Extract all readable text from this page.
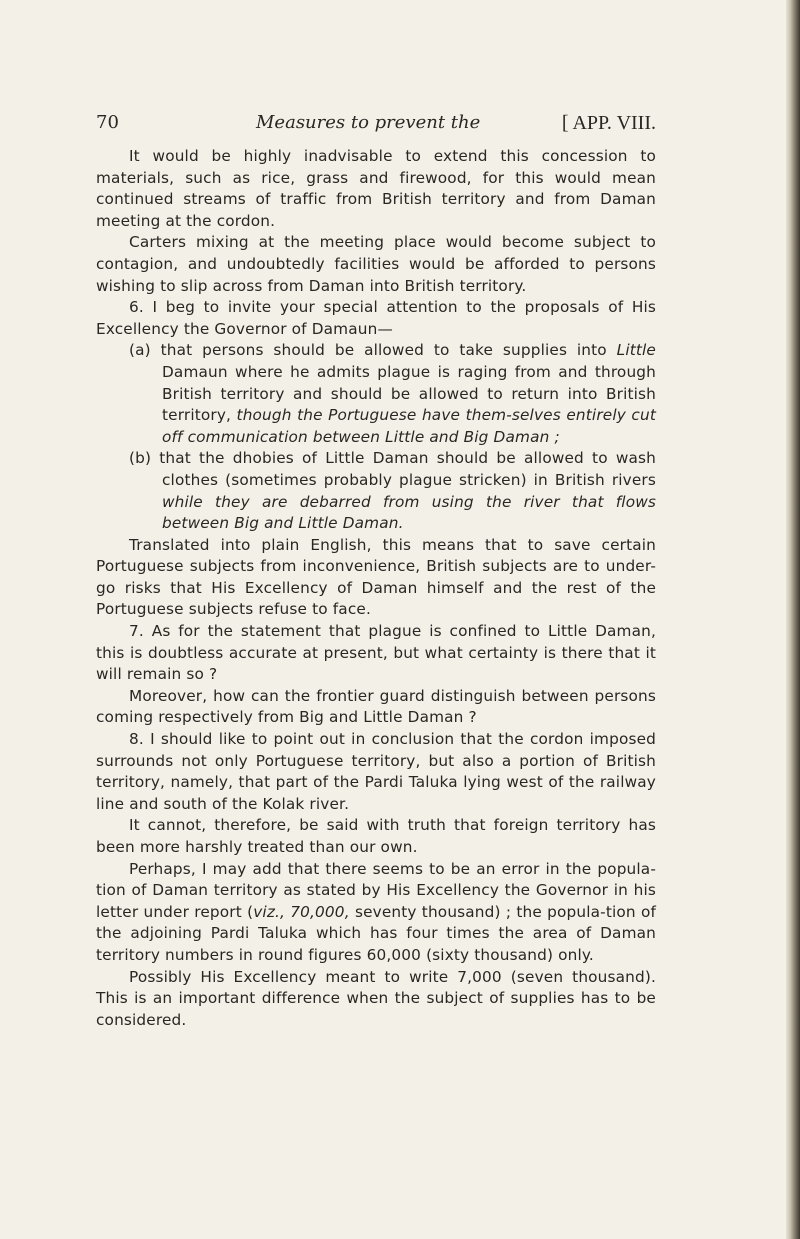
70	Measures to prevent the	[ APP. VIII.

It would be highly inadvisable to extend this concession to materials, such as rice, grass and firewood, for this would mean continued streams of traffic from British territory and from Daman meeting at the cordon.

Carters mixing at the meeting place would become subject to contagion, and undoubtedly facilities would be afforded to persons wishing to slip across from Daman into British territory.

6. I beg to invite your special attention to the proposals of His Excellency the Governor of Damaun—

(a) that persons should be allowed to take supplies into Little Damaun where he admits plague is raging from and through British territory and should be allowed to return into British territory, though the Portuguese have them-selves entirely cut off communication between Little and Big Daman ;

(b) that the dhobies of Little Daman should be allowed to wash clothes (sometimes probably plague stricken) in British rivers while they are debarred from using the river that flows between Big and Little Daman.

Translated into plain English, this means that to save certain Portuguese subjects from inconvenience, British subjects are to under-go risks that His Excellency of Daman himself and the rest of the Portuguese subjects refuse to face.

7. As for the statement that plague is confined to Little Daman, this is doubtless accurate at present, but what certainty is there that it will remain so ?

Moreover, how can the frontier guard distinguish between persons coming respectively from Big and Little Daman ?

8. I should like to point out in conclusion that the cordon imposed surrounds not only Portuguese territory, but also a portion of British territory, namely, that part of the Pardi Taluka lying west of the railway line and south of the Kolak river.

It cannot, therefore, be said with truth that foreign territory has been more harshly treated than our own.

Perhaps, I may add that there seems to be an error in the popula-tion of Daman territory as stated by His Excellency the Governor in his letter under report (viz., 70,000, seventy thousand) ; the popula-tion of the adjoining Pardi Taluka which has four times the area of Daman territory numbers in round figures 60,000 (sixty thousand) only.

Possibly His Excellency meant to write 7,000 (seven thousand). This is an important difference when the subject of supplies has to be considered.
